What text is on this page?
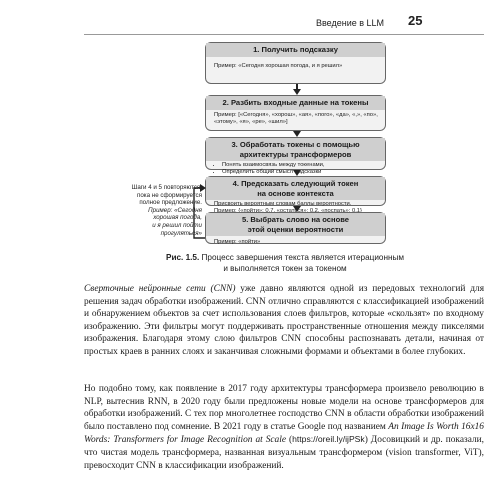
Введение в LLM	25
1. Получить подсказку
Пример: «Сегодня хорошая погода, и я решил»
2. Разбить входные данные на токены
Пример: [«Сегодня», «хорош», «ая», «пого», «да», «,», «по», «этому», «я», «ре», «шил»]
3. Обработать токены с помощью
архитектуры трансформеров
• Понять взаимосвязь между токенами,
• Определить общий смысл подсказки
4. Предсказать следующий токен
на основе контекста
Присвоить вероятным словам баллы вероятности.
5. Выбрать слово на основе
этой оценки вероятности
Пример: «пойти»
Шаги 4 и 5 повторяются,
пока не сформируется
полное предложение.
Пример: «Сегодня
хорошая погода,
и я решил пойти
прогуляться»
Рис. 1.5. Процесс завершения текста является итерационным
и выполняется токен за токеном
Сверточные нейронные сети (CNN) уже давно являются одной из передовых технологий для решения задач обработки изображений. CNN отлично справляются с классификацией изображений и обнаружением объектов за счет использования слоев фильтров, которые «скользят» по входному изображению. Эти фильтры могут поддерживать пространственные отношения между пикселями изображения. Благодаря этому слою фильтров CNN способны распознавать детали, начиная от простых краев в ранних слоях и заканчивая сложными формами и объектами в более глубоких.
Но подобно тому, как появление в 2017 году архитектуры трансформера произвело революцию в NLP, вытеснив RNN, в 2020 году были предложены новые модели на основе трансформеров для обработки изображений. С тех пор многолетнее господство CNN в области обработки изображений было поставлено под сомнение. В 2021 году в статье Google под названием An Image Is Worth 16x16 Words: Transformers for Image Recognition at Scale (https://oreil.ly/ijPSk) Досовицкий и др. показали, что чистая модель трансформера, названная визуальным трансформером (vision transformer, ViT), превосходит CNN в классификации изображений.
